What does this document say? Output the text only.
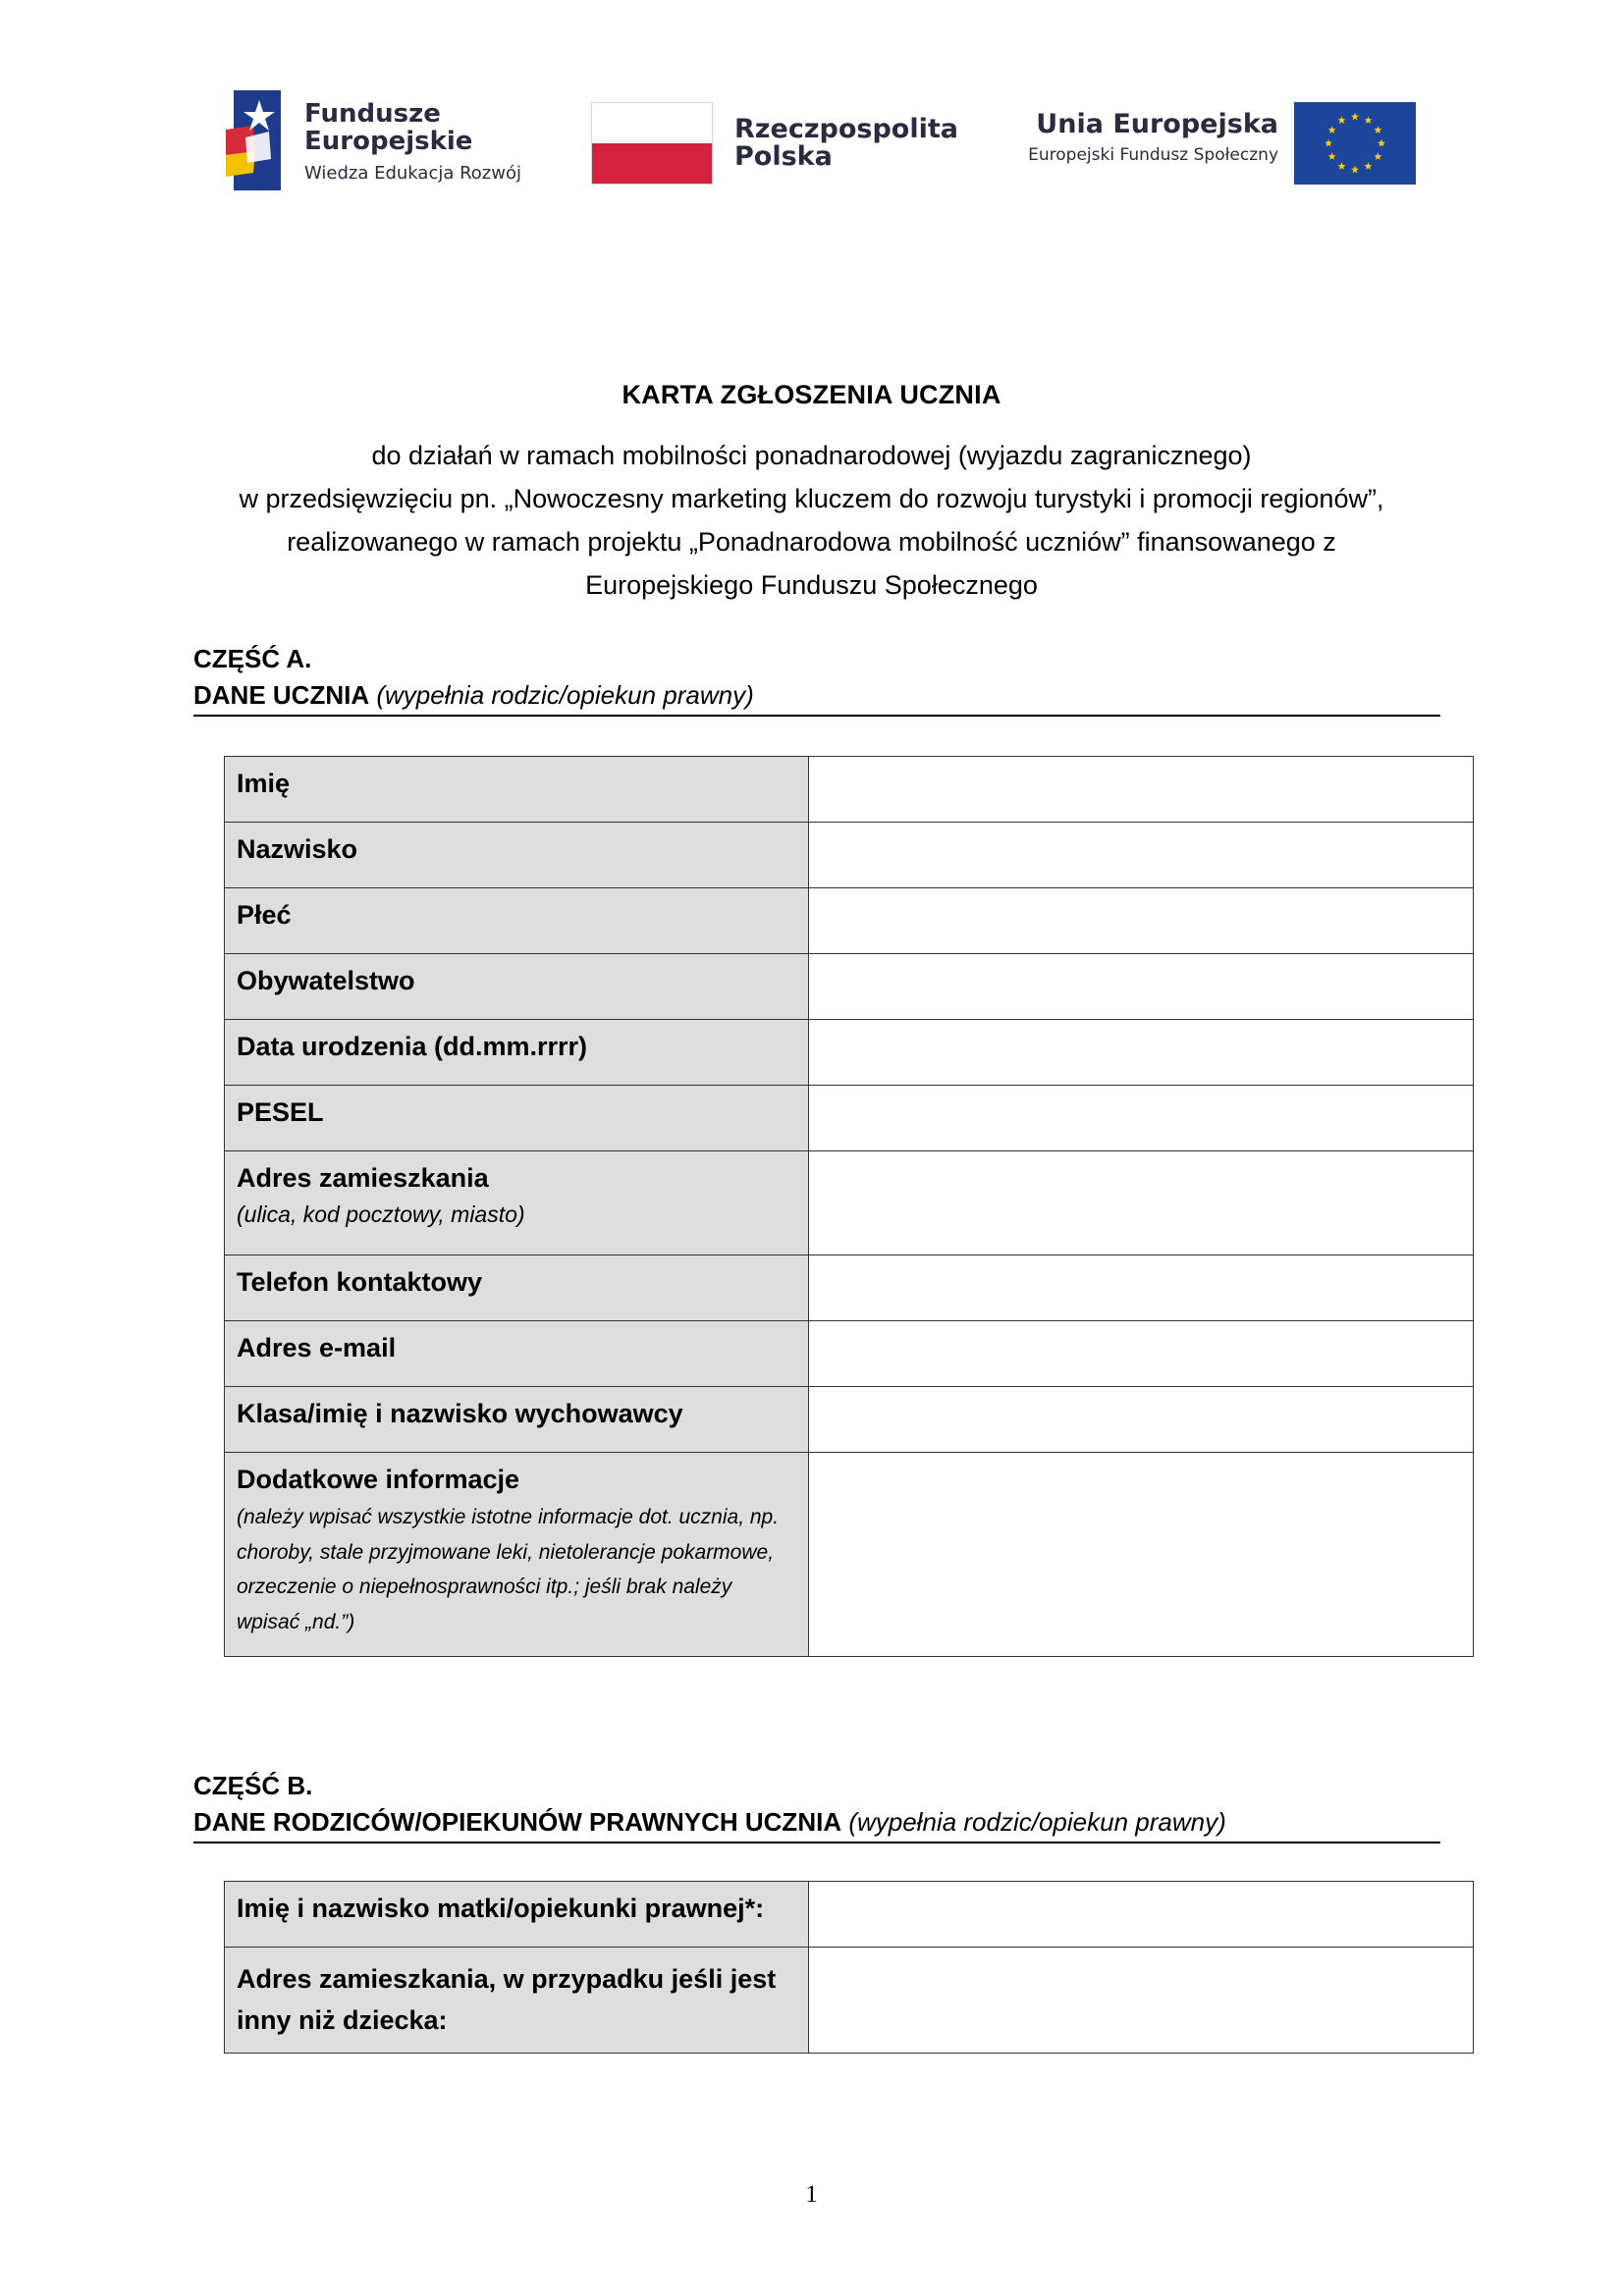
Fundusze
Europejskie
Wiedza Edukacja Rozwój
Rzeczpospolita
Polska
Unia Europejska
Europejski Fundusz Społeczny
KARTA ZGŁOSZENIA UCZNIA
do działań w ramach mobilności ponadnarodowej (wyjazdu zagranicznego)
w przedsięwzięciu pn. „Nowoczesny marketing kluczem do rozwoju turystyki i promocji regionów”,
realizowanego w ramach projektu „Ponadnarodowa mobilność uczniów” finansowanego z
Europejskiego Funduszu Społecznego
CZĘŚĆ A.
DANE UCZNIA (wypełnia rodzic/opiekun prawny)
Imię	
Nazwisko	
Płeć	
Obywatelstwo	
Data urodzenia (dd.mm.rrrr)	
PESEL	
Adres zamieszkania
(ulica, kod pocztowy, miasto)	

Telefon kontaktowy	
Adres e-mail	
Klasa/imię i nazwisko wychowawcy	
Dodatkowe informacje
(należy wpisać wszystkie istotne informacje dot. ucznia, np. choroby, stale przyjmowane leki, nietolerancje pokarmowe, orzeczenie o niepełnosprawności itp.; jeśli brak należy wpisać „nd.”)	

CZĘŚĆ B.
DANE RODZICÓW/OPIEKUNÓW PRAWNYCH UCZNIA (wypełnia rodzic/opiekun prawny)
Imię i nazwisko matki/opiekunki prawnej*:	
Adres zamieszkania, w przypadku jeśli jest
inny niż dziecka:	
1
